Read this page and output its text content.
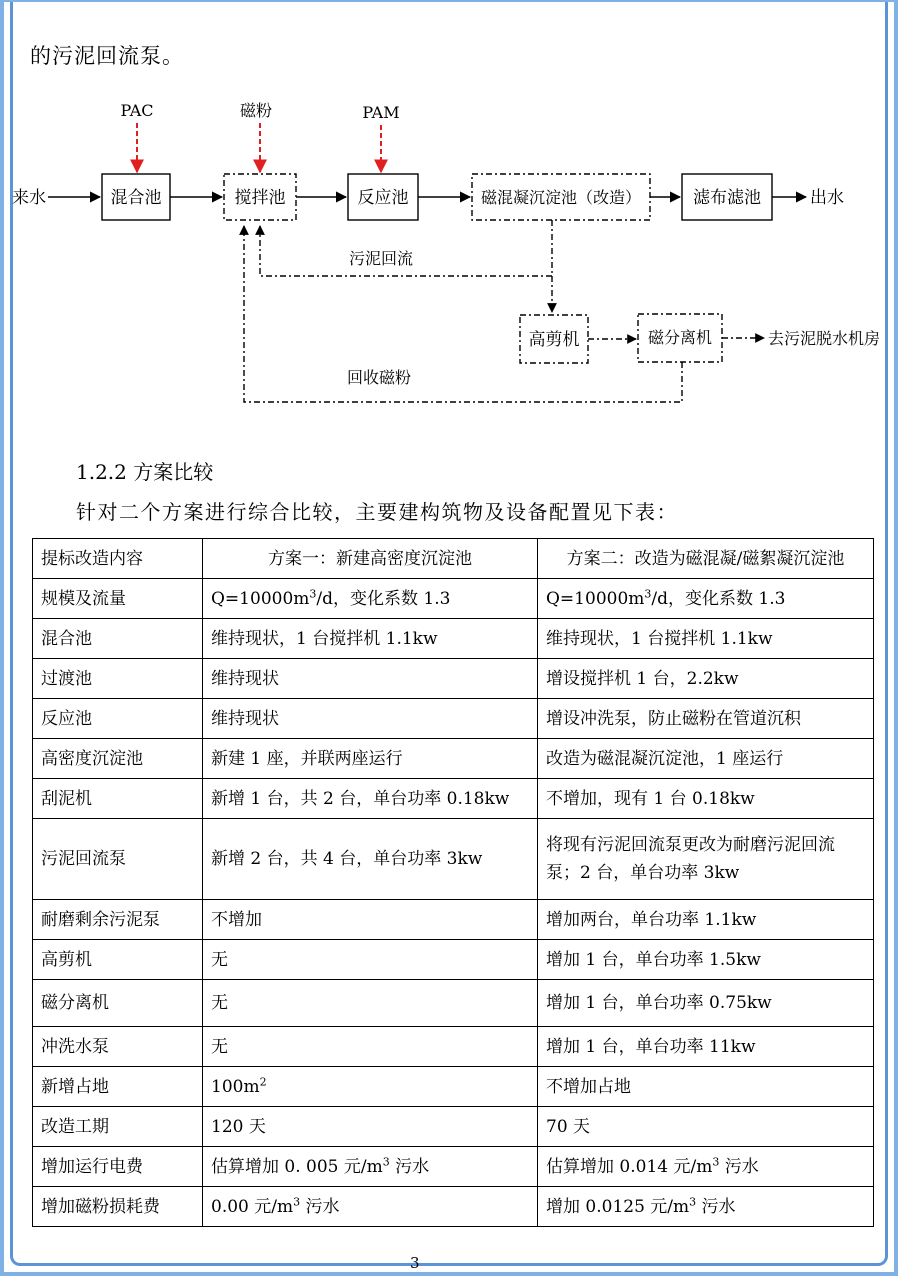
的污泥回流泵。
PAC	磁粉	PAM
来水	混合池	搅拌池	反应池	磁混凝沉淀池（改造）	滤布滤池	出水
污泥回流
高剪机	磁分离机	去污泥脱水机房
回收磁粉
1.2.2 方案比较
针对二个方案进行综合比较，主要建构筑物及设备配置见下表：
提标改造内容	方案一：新建高密度沉淀池	方案二：改造为磁混凝/磁絮凝沉淀池
规模及流量	$Q=10000m^3/d$，变化系数 1.3	$Q=10000m^3/d$，变化系数 1.3
混合池	维持现状，1 台搅拌机 1.1kw	维持现状，1 台搅拌机 1.1kw
过渡池	维持现状	增设搅拌机 1 台，2.2kw
反应池	维持现状	增设冲洗泵，防止磁粉在管道沉积
高密度沉淀池	新建 1 座，并联两座运行	改造为磁混凝沉淀池，1 座运行
刮泥机	新增 1 台，共 2 台，单台功率 0.18kw	不增加，现有 1 台 0.18kw
污泥回流泵	新增 2 台，共 4 台，单台功率 3kw	将现有污泥回流泵更改为耐磨污泥回流泵；2 台，单台功率 3kw
耐磨剩余污泥泵	不增加	增加两台，单台功率 1.1kw
高剪机	无	增加 1 台，单台功率 1.5kw
磁分离机	无	增加 1 台，单台功率 0.75kw
冲洗水泵	无	增加 1 台，单台功率 11kw
新增占地	$100m^2$	不增加占地
改造工期	120 天	70 天
增加运行电费	估算增加 0. 005 元$/m^3$ 污水	估算增加 0.014 元$/m^3$ 污水
增加磁粉损耗费	0.00 元$/m^3$ 污水	增加 0.0125 元$/m^3$ 污水
3
